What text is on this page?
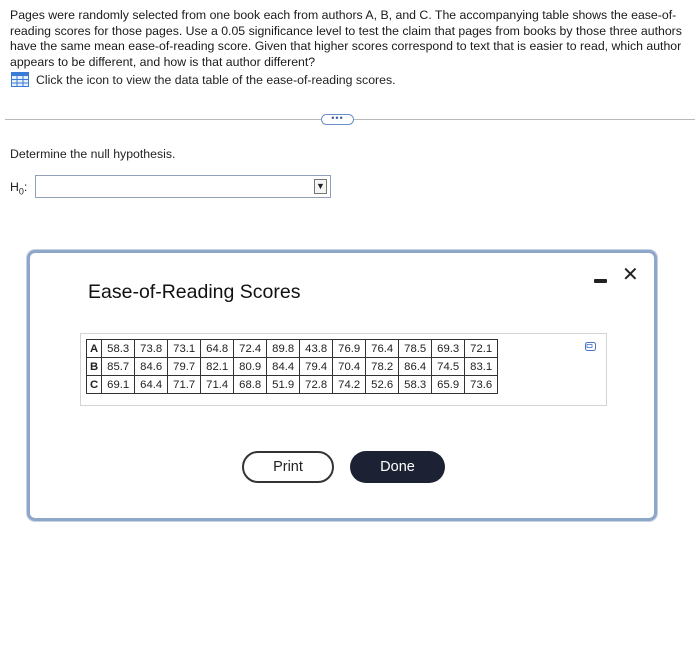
Pages were randomly selected from one book each from authors A, B, and C. The accompanying table shows the ease-of-reading scores for those pages. Use a 0.05 significance level to test the claim that pages from books by those three authors have the same mean ease-of-reading score. Given that higher scores correspond to text that is easier to read, which author appears to be different, and how is that author different?
Click the icon to view the data table of the ease-of-reading scores.
•••
Determine the null hypothesis.
$H_0$:	▼
Ease-of-Reading Scores
✕
A	58.3	73.8	73.1	64.8	72.4	89.8	43.8	76.9	76.4	78.5	69.3	72.1
B	85.7	84.6	79.7	82.1	80.9	84.4	79.4	70.4	78.2	86.4	74.5	83.1
C	69.1	64.4	71.7	71.4	68.8	51.9	72.8	74.2	52.6	58.3	65.9	73.6
Print	Done
